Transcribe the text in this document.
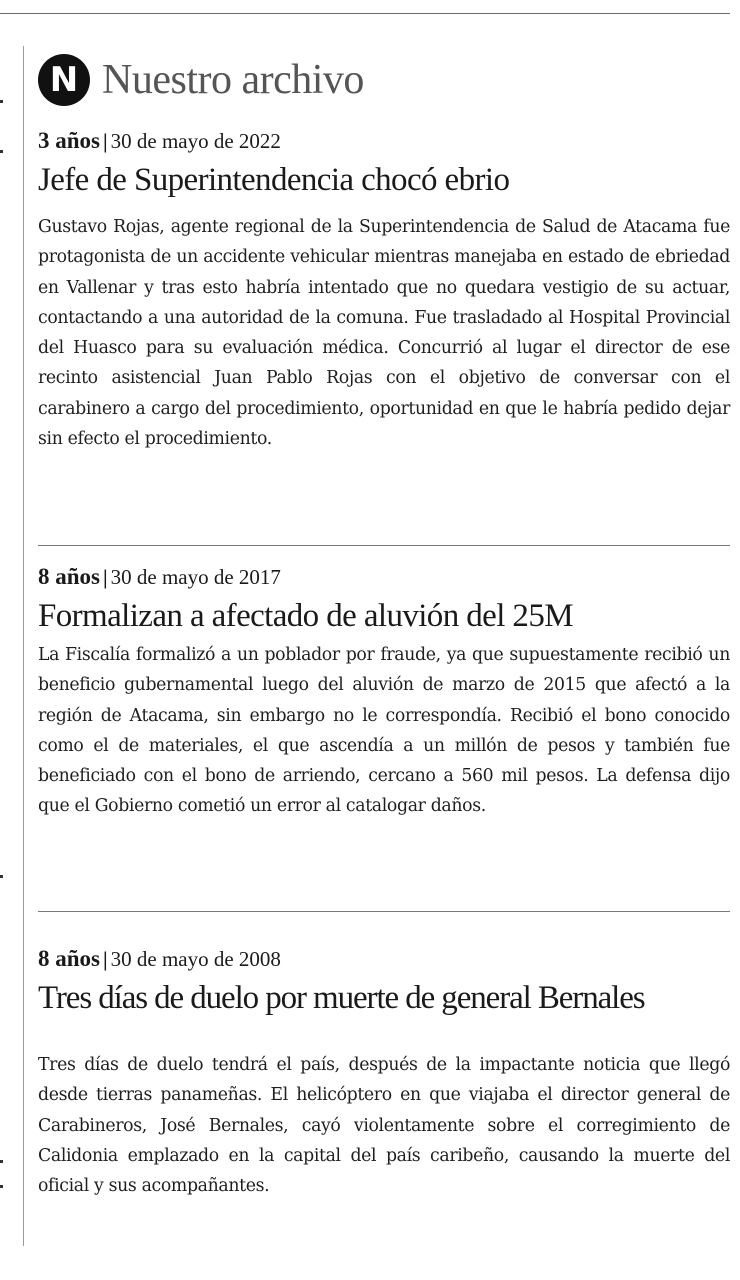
N Nuestro archivo
3 años | 30 de mayo de 2022
Jefe de Superintendencia chocó ebrio

Gustavo Rojas, agente regional de la Superintendencia de Salud de Atacama fue protagonista de un accidente vehicular mientras manejaba en estado de ebriedad en Vallenar y tras esto habría intentado que no quedara vestigio de su actuar, contactando a una autoridad de la comuna. Fue trasladado al Hospital Provincial del Huasco para su evaluación médica. Concurrió al lugar el director de ese recinto asistencial Juan Pablo Rojas con el objetivo de conversar con el carabinero a cargo del procedimiento, oportunidad en que le habría pedido dejar sin efecto el procedimiento.

8 años | 30 de mayo de 2017
Formalizan a afectado de aluvión del 25M

La Fiscalía formalizó a un poblador por fraude, ya que supuestamente recibió un beneficio gubernamental luego del aluvión de marzo de 2015 que afectó a la región de Atacama, sin embargo no le correspondía. Recibió el bono conocido como el de materiales, el que ascendía a un millón de pesos y también fue beneficiado con el bono de arriendo, cercano a 560 mil pesos. La defensa dijo que el Gobierno cometió un error al catalogar daños.

8 años | 30 de mayo de 2008
Tres días de duelo por muerte de general Bernales

Tres días de duelo tendrá el país, después de la impactante noticia que llegó desde tierras panameñas. El helicóptero en que viajaba el director general de Carabineros, José Bernales, cayó violentamente sobre el corregimiento de Calidonia emplazado en la capital del país caribeño, causando la muerte del oficial y sus acompañantes.
